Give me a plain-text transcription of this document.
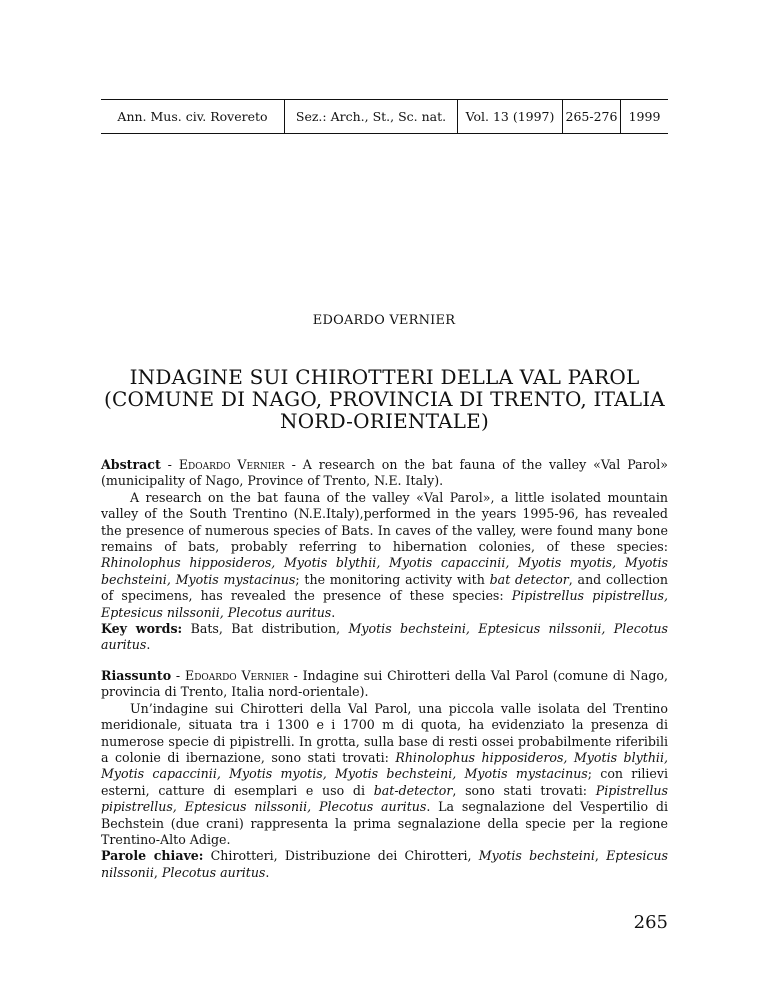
Ann. Mus. civ. Rovereto	Sez.: Arch., St., Sc. nat.	Vol. 13 (1997) 265-276 1999
EDOARDO VERNIER
INDAGINE SUI CHIROTTERI DELLA VAL PAROL
(COMUNE DI NAGO, PROVINCIA DI TRENTO, ITALIA
NORD-ORIENTALE)

Abstract - Edoardo Vernier - A research on the bat fauna of the valley «Val Parol» (municipality of Nago, Province of Trento, N.E. Italy).

A research on the bat fauna of the valley «Val Parol», a little isolated mountain valley of the South Trentino (N.E.Italy),performed in the years 1995-96, has revealed the presence of numerous species of Bats. In caves of the valley, were found many bone remains of bats, probably referring to hibernation colonies, of these species: Rhinolophus hipposideros, Myotis blythii, Myotis capaccinii, Myotis myotis, Myotis bechsteini, Myotis mystacinus; the monitoring activity with bat detector, and collection of specimens, has revealed the presence of these species: Pipistrellus pipistrellus, Eptesicus nilssonii, Plecotus auritus.

Key words: Bats, Bat distribution, Myotis bechsteini, Eptesicus nilssonii, Plecotus auritus.

Riassunto - Edoardo Vernier - Indagine sui Chirotteri della Val Parol (comune di Nago, provincia di Trento, Italia nord-orientale).

Un’indagine sui Chirotteri della Val Parol, una piccola valle isolata del Trentino meridionale, situata tra i 1300 e i 1700 m di quota, ha evidenziato la presenza di numerose specie di pipistrelli. In grotta, sulla base di resti ossei probabilmente riferibili a colonie di ibernazione, sono stati trovati: Rhinolophus hipposideros, Myotis blythii, Myotis capaccinii, Myotis myotis, Myotis bechsteini, Myotis mystacinus; con rilievi esterni, catture di esemplari e uso di bat-detector, sono stati trovati: Pipistrellus pipistrellus, Eptesicus nilssonii, Plecotus auritus. La segnalazione del Vespertilio di Bechstein (due crani) rappresenta la prima segnalazione della specie per la regione Trentino-Alto Adige.

Parole chiave: Chirotteri, Distribuzione dei Chirotteri, Myotis bechsteini, Eptesicus nilssonii, Plecotus auritus.

265
